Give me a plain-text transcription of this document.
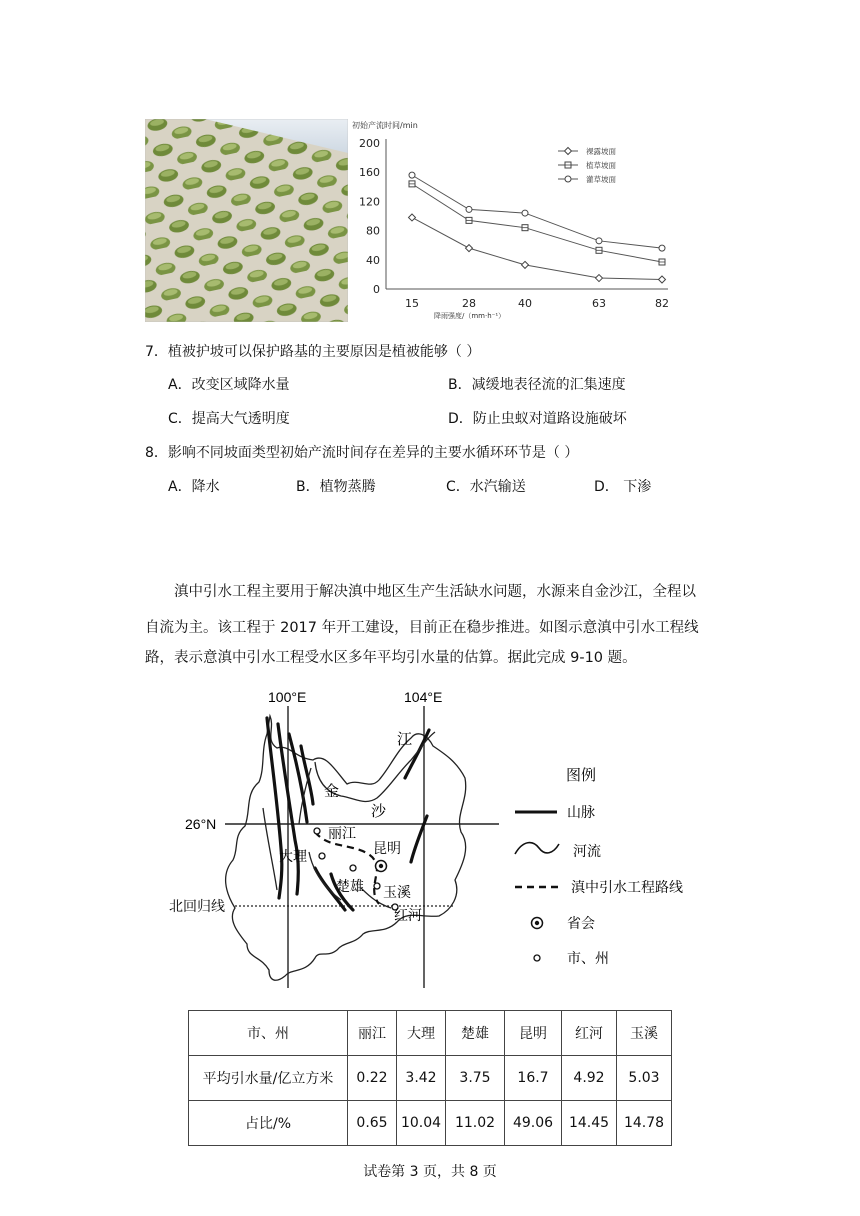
初始产流时间/min
降雨强度/（mm·h⁻¹）
0
40
80
120
160
200
15	28	40	63	82
裸露坡面
植草坡面
灌草坡面
7．植被护坡可以保护路基的主要原因是植被能够（ ）
A．改变区域降水量	B．减缓地表径流的汇集速度
C．提高大气透明度	D．防止虫蚁对道路设施破坏
8．影响不同坡面类型初始产流时间存在差异的主要水循环环节是（ ）
A．降水	B．植物蒸腾	C．水汽输送	D． 下渗
滇中引水工程主要用于解决滇中地区生产生活缺水问题，水源来自金沙江，全程以
自流为主。该工程于 2017 年开工建设，目前正在稳步推进。如图示意滇中引水工程线
路，表示意滇中引水工程受水区多年平均引水量的估算。据此完成 9-10 题。
江
金
沙
100°E	104°E
26°N
北回归线
丽江
大理	昆明
楚雄 玉溪
红河
图例
山脉
河流
滇中引水工程路线
省会
市、州
市、州	丽江	大理	楚雄	昆明	红河	玉溪
平均引水量/亿立方米	0.22	3.42	3.75	16.7	4.92	5.03
占比/%	0.65	10.04	11.02	49.06	14.45	14.78
试卷第 3 页，共 8 页
